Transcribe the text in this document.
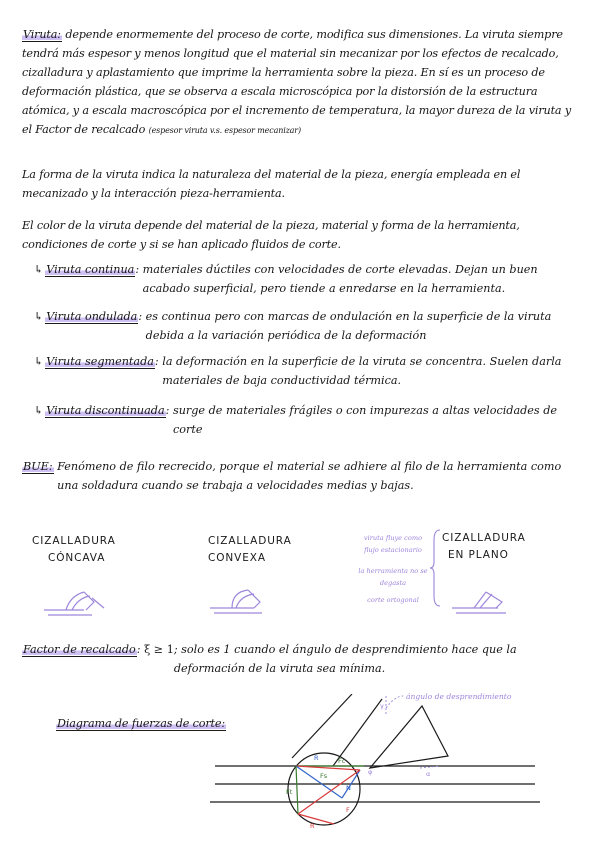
Viruta: depende enormemente del proceso de corte, modifica sus dimensiones. La viruta siempre tendrá más espesor y menos longitud que el material sin mecanizar por los efectos de recalcado, cizalladura y aplastamiento que imprime la herramienta sobre la pieza. En sí es un proceso de deformación plástica, que se observa a escala microscópica por la distorsión de la estructura atómica, y a escala macroscópica por el incremento de temperatura, la mayor dureza de la viruta y el Factor de recalcado (espesor viruta v.s. espesor mecanizar)
La forma de la viruta indica la naturaleza del material de la pieza, energía empleada en el mecanizado y la interacción pieza-herramienta.
El color de la viruta depende del material de la pieza, material y forma de la herramienta, condiciones de corte y si se han aplicado fluidos de corte.
↳ Viruta continua: materiales dúctiles con velocidades de corte elevadas. Dejan un buen acabado superficial, pero tiende a enredarse en la herramienta.
↳ Viruta ondulada: es continua pero con marcas de ondulación en la superficie de la viruta debida a la variación periódica de la deformación
↳ Viruta segmentada: la deformación en la superficie de la viruta se concentra. Suelen darla materiales de baja conductividad térmica.
↳ Viruta discontinuada: surge de materiales frágiles o con impurezas a altas velocidades de corte
BUE: Fenómeno de filo recrecido, porque el material se adhiere al filo de la herramienta como una soldadura cuando se trabaja a velocidades medias y bajas.
CIZALLADURA
CÓNCAVA
CIZALLADURA
CONVEXA
CIZALLADURA
EN PLANO
viruta fluye como flujo estacionario
la herramienta no se degasta
corte ortogonal
Factor de recalcado: ξ ≥ 1 ; solo es 1 cuando el ángulo de desprendimiento hace que la deformación de la viruta sea mínima.
Diagrama de fuerzas de corte:
ángulo de desprendimiento
R
Fs
Fc
Ft	N
F
R
φ
γ
α
